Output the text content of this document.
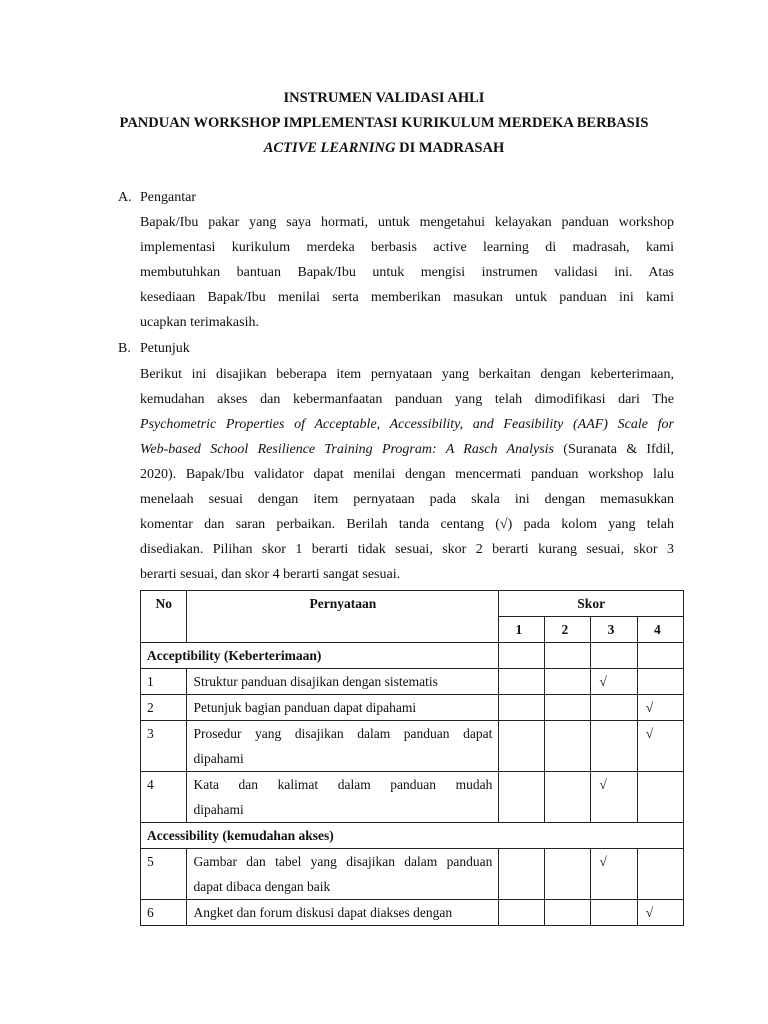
INSTRUMEN VALIDASI AHLI
PANDUAN WORKSHOP IMPLEMENTASI KURIKULUM MERDEKA BERBASIS
ACTIVE LEARNING DI MADRASAH
A. Pengantar
Bapak/Ibu pakar yang saya hormati, untuk mengetahui kelayakan panduan workshop
implementasi kurikulum merdeka berbasis active learning di madrasah, kami
membutuhkan bantuan Bapak/Ibu untuk mengisi instrumen validasi ini. Atas
kesediaan Bapak/Ibu menilai serta memberikan masukan untuk panduan ini kami
ucapkan terimakasih.
B. Petunjuk
Berikut ini disajikan beberapa item pernyataan yang berkaitan dengan keberterimaan,
kemudahan akses dan kebermanfaatan panduan yang telah dimodifikasi dari The
Psychometric Properties of Acceptable, Accessibility, and Feasibility (AAF) Scale for
Web-based School Resilience Training Program: A Rasch Analysis (Suranata & Ifdil,
2020). Bapak/Ibu validator dapat menilai dengan mencermati panduan workshop lalu
menelaah sesuai dengan item pernyataan pada skala ini dengan memasukkan
komentar dan saran perbaikan. Berilah tanda centang (√) pada kolom yang telah
disediakan. Pilihan skor 1 berarti tidak sesuai, skor 2 berarti kurang sesuai, skor 3
berarti sesuai, dan skor 4 berarti sangat sesuai.
No	Pernyataan	Skor			
		1	2	3	4
Acceptibility (Keberterimaan)					
1	Struktur panduan disajikan dengan sistematis			√	
2	Petunjuk bagian panduan dapat dipahami				√
3	Prosedur yang disajikan dalam panduan dapat
dipahami				√
4	Kata dan kalimat dalam panduan mudah
dipahami			√	
Accessibility (kemudahan akses)					
5	Gambar dan tabel yang disajikan dalam panduan
dapat dibaca dengan baik			√	
6	Angket dan forum diskusi dapat diakses dengan				√
